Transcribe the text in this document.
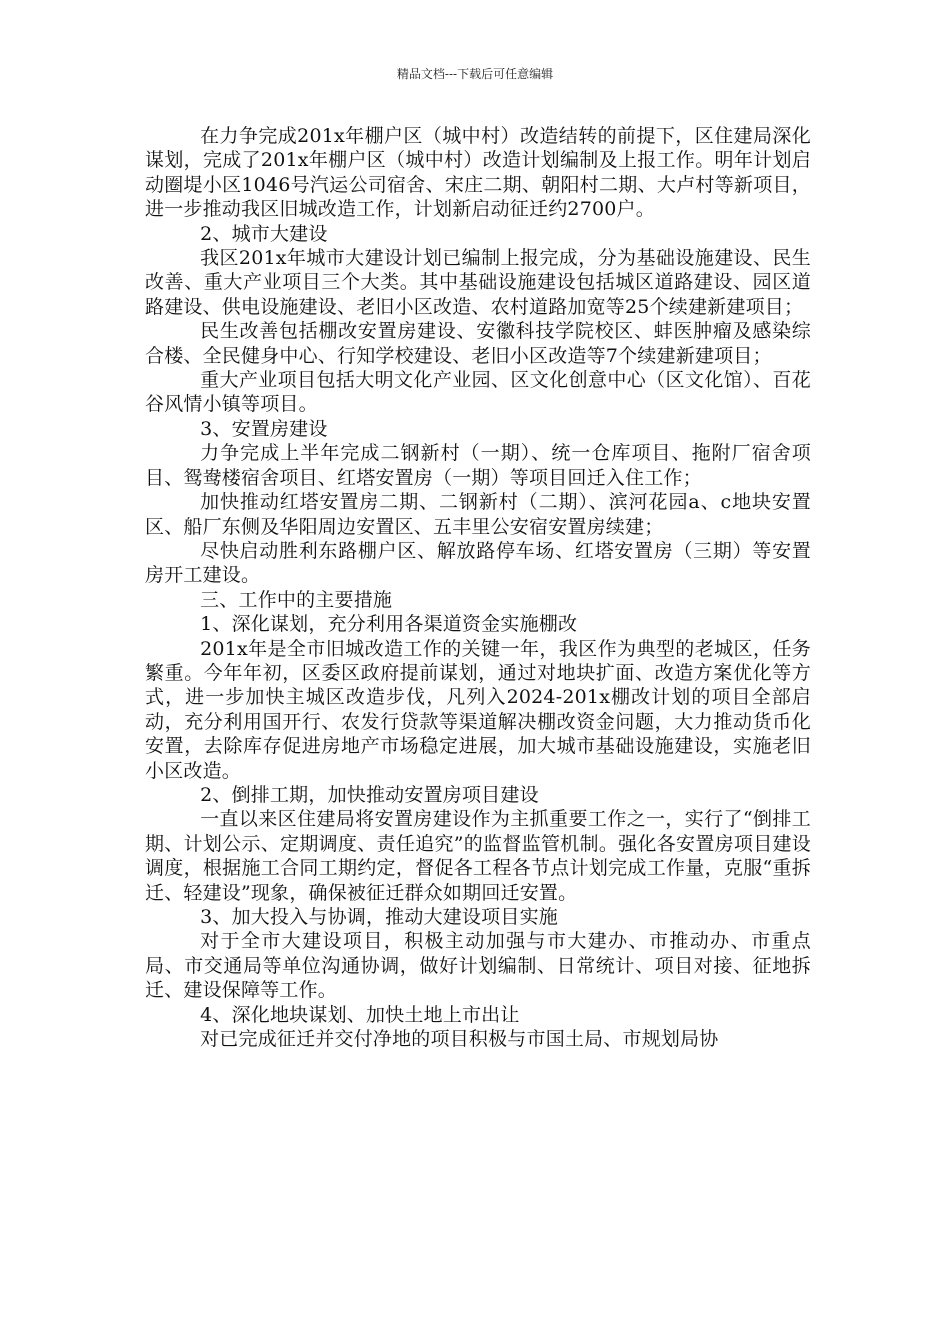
精品文档---下载后可任意编辑

在力争完成201x年棚户区（城中村）改造结转的前提下，区住建局深化谋划，完成了201x年棚户区（城中村）改造计划编制及上报工作。明年计划启动圈堤小区1046号汽运公司宿舍、宋庄二期、朝阳村二期、大卢村等新项目，进一步推动我区旧城改造工作，计划新启动征迁约2700户。

2、城市大建设

我区201x年城市大建设计划已编制上报完成，分为基础设施建设、民生改善、重大产业项目三个大类。其中基础设施建设包括城区道路建设、园区道路建设、供电设施建设、老旧小区改造、农村道路加宽等25个续建新建项目；

民生改善包括棚改安置房建设、安徽科技学院校区、蚌医肿瘤及感染综合楼、全民健身中心、行知学校建设、老旧小区改造等7个续建新建项目；

重大产业项目包括大明文化产业园、区文化创意中心（区文化馆）、百花谷风情小镇等项目。

3、安置房建设

力争完成上半年完成二钢新村（一期）、统一仓库项目、拖附厂宿舍项目、鸳鸯楼宿舍项目、红塔安置房（一期）等项目回迁入住工作；

加快推动红塔安置房二期、二钢新村（二期）、滨河花园a、c地块安置区、船厂东侧及华阳周边安置区、五丰里公安宿安置房续建；

尽快启动胜利东路棚户区、解放路停车场、红塔安置房（三期）等安置房开工建设。

三、工作中的主要措施

1、深化谋划，充分利用各渠道资金实施棚改

201x年是全市旧城改造工作的关键一年，我区作为典型的老城区，任务繁重。今年年初，区委区政府提前谋划，通过对地块扩面、改造方案优化等方式，进一步加快主城区改造步伐，凡列入2024-201x棚改计划的项目全部启动，充分利用国开行、农发行贷款等渠道解决棚改资金问题，大力推动货币化安置，去除库存促进房地产市场稳定进展，加大城市基础设施建设，实施老旧小区改造。

2、倒排工期，加快推动安置房项目建设

一直以来区住建局将安置房建设作为主抓重要工作之一，实行了“倒排工期、计划公示、定期调度、责任追究”的监督监管机制。强化各安置房项目建设调度，根据施工合同工期约定，督促各工程各节点计划完成工作量，克服“重拆迁、轻建设”现象，确保被征迁群众如期回迁安置。

3、加大投入与协调，推动大建设项目实施

对于全市大建设项目，积极主动加强与市大建办、市推动办、市重点局、市交通局等单位沟通协调，做好计划编制、日常统计、项目对接、征地拆迁、建设保障等工作。

4、深化地块谋划、加快土地上市出让

对已完成征迁并交付净地的项目积极与市国土局、市规划局协
